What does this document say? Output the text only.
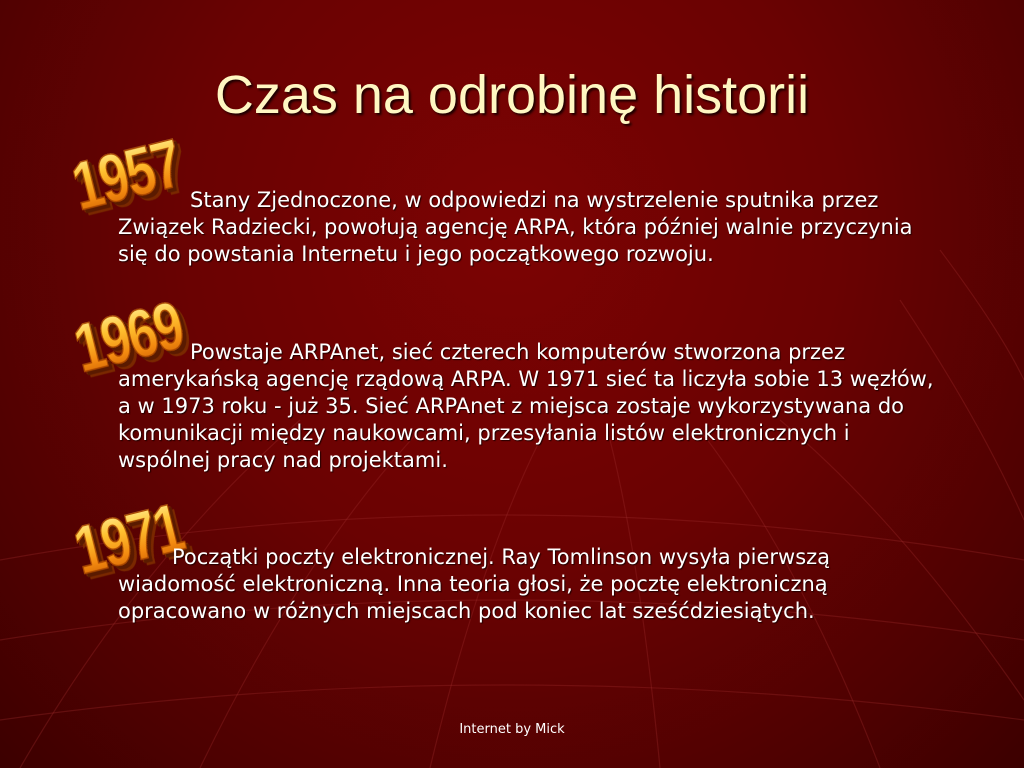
Czas na odrobinę historii
1957
1969
1971

Stany Zjednoczone, w odpowiedzi na wystrzelenie sputnika przez Związek Radziecki, powołują agencję ARPA, która później walnie przyczynia się do powstania Internetu i jego początkowego rozwoju.

Powstaje ARPAnet, sieć czterech komputerów stworzona przez amerykańską agencję rządową ARPA. W 1971 sieć ta liczyła sobie 13 węzłów, a w 1973 roku - już 35. Sieć ARPAnet z miejsca zostaje wykorzystywana do komunikacji między naukowcami, przesyłania listów elektronicznych i wspólnej pracy nad projektami.

Początki poczty elektronicznej. Ray Tomlinson wysyła pierwszą wiadomość elektroniczną. Inna teoria głosi, że pocztę elektroniczną opracowano w różnych miejscach pod koniec lat sześćdziesiątych.

Internet by Mick
